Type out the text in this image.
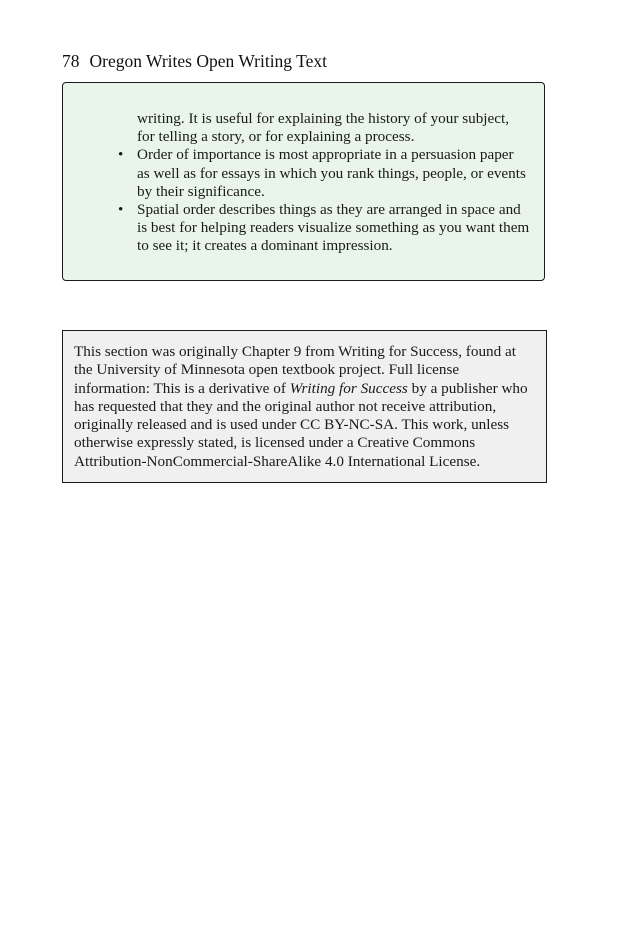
78 Oregon Writes Open Writing Text

writing. It is useful for explaining the history of your subject, for telling a story, or for explaining a process.

• Order of importance is most appropriate in a persuasion paper as well as for essays in which you rank things, people, or events by their significance.
• Spatial order describes things as they are arranged in space and is best for helping readers visualize something as you want them to see it; it creates a dominant impression.

This section was originally Chapter 9 from Writing for Success, found at the University of Minnesota open textbook project. Full license information: This is a derivative of Writing for Success by a publisher who has requested that they and the original author not receive attribution, originally released and is used under CC BY-NC-SA. This work, unless otherwise expressly stated, is licensed under a Creative Commons Attribution-NonCommercial-ShareAlike 4.0 International License.
